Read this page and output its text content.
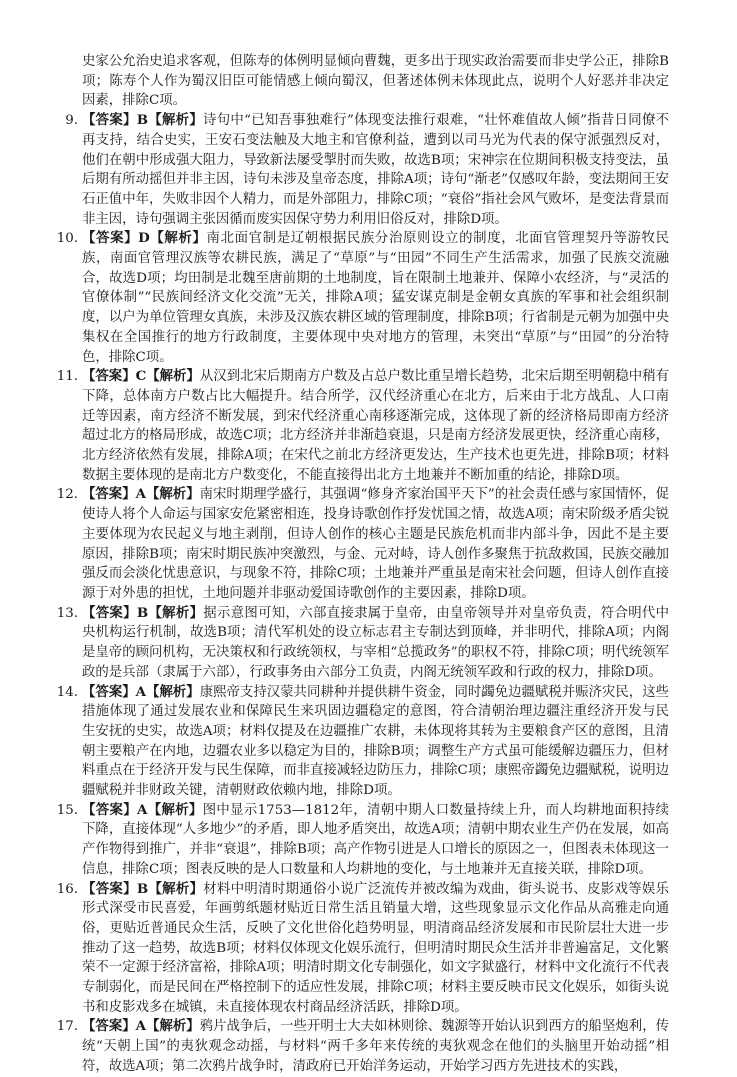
史家公允治史追求客观，但陈寿的体例明显倾向曹魏，更多出于现实政治需要而非史学公正，排除B项；陈寿个人作为蜀汉旧臣可能情感上倾向蜀汉，但著述体例未体现此点，说明个人好恶并非决定因素，排除C项。

9. 【答案】B【解析】诗句中“已知吾事独难行”体现变法推行艰难，“壮怀难值故人倾”指昔日同僚不再支持，结合史实，王安石变法触及大地主和官僚利益，遭到以司马光为代表的保守派强烈反对，他们在朝中形成强大阻力，导致新法屡受掣肘而失败，故选B项；宋神宗在位期间积极支持变法，虽后期有所动摇但并非主因，诗句未涉及皇帝态度，排除A项；诗句“渐老”仅感叹年龄，变法期间王安石正值中年，失败非因个人精力，而是外部阻力，排除C项；“衰俗”指社会风气败坏，是变法背景而非主因，诗句强调主张因循而废实因保守势力利用旧俗反对，排除D项。

10. 【答案】D【解析】南北面官制是辽朝根据民族分治原则设立的制度，北面官管理契丹等游牧民族，南面官管理汉族等农耕民族，满足了“草原”与“田园”不同生产生活需求，加强了民族交流融合，故选D项；均田制是北魏至唐前期的土地制度，旨在限制土地兼并、保障小农经济，与“灵活的官僚体制”“民族间经济文化交流”无关，排除A项；猛安谋克制是金朝女真族的军事和社会组织制度，以户为单位管理女真族，未涉及汉族农耕区域的管理制度，排除B项；行省制是元朝为加强中央集权在全国推行的地方行政制度，主要体现中央对地方的管理，未突出“草原”与“田园”的分治特色，排除C项。

11. 【答案】C【解析】从汉到北宋后期南方户数及占总户数比重呈增长趋势，北宋后期至明朝稳中稍有下降，总体南方户数占比大幅提升。结合所学，汉代经济重心在北方，后来由于北方战乱、人口南迁等因素，南方经济不断发展，到宋代经济重心南移逐渐完成，这体现了新的经济格局即南方经济超过北方的格局形成，故选C项；北方经济并非渐趋衰退，只是南方经济发展更快，经济重心南移，北方经济依然有发展，排除A项；在宋代之前北方经济更发达，生产技术也更先进，排除B项；材料数据主要体现的是南北方户数变化，不能直接得出北方土地兼并不断加重的结论，排除D项。

12. 【答案】A【解析】南宋时期理学盛行，其强调“修身齐家治国平天下”的社会责任感与家国情怀，促使诗人将个人命运与国家安危紧密相连，投身诗歌创作抒发忧国之情，故选A项；南宋阶级矛盾尖锐主要体现为农民起义与地主剥削，但诗人创作的核心主题是民族危机而非内部斗争，因此不是主要原因，排除B项；南宋时期民族冲突激烈，与金、元对峙，诗人创作多聚焦于抗敌救国，民族交融加强反而会淡化忧患意识，与现象不符，排除C项；土地兼并严重虽是南宋社会问题，但诗人创作直接源于对外患的担忧，土地问题并非驱动爱国诗歌创作的主要因素，排除D项。

13. 【答案】B【解析】据示意图可知，六部直接隶属于皇帝，由皇帝领导并对皇帝负责，符合明代中央机构运行机制，故选B项；清代军机处的设立标志君主专制达到顶峰，并非明代，排除A项；内阁是皇帝的顾问机构，无决策权和行政统领权，与宰相“总揽政务”的职权不符，排除C项；明代统领军政的是兵部（隶属于六部），行政事务由六部分工负责，内阁无统领军政和行政的权力，排除D项。

14. 【答案】A【解析】康熙帝支持汉蒙共同耕种并提供耕牛资金，同时蠲免边疆赋税并赈济灾民，这些措施体现了通过发展农业和保障民生来巩固边疆稳定的意图，符合清朝治理边疆注重经济开发与民生安抚的史实，故选A项；材料仅提及在边疆推广农耕，未体现将其转为主要粮食产区的意图，且清朝主要粮产在内地，边疆农业多以稳定为目的，排除B项；调整生产方式虽可能缓解边疆压力，但材料重点在于经济开发与民生保障，而非直接减轻边防压力，排除C项；康熙帝蠲免边疆赋税，说明边疆赋税并非财政关键，清朝财政依赖内地，排除D项。

15. 【答案】A【解析】图中显示1753—1812年，清朝中期人口数量持续上升，而人均耕地面积持续下降，直接体现“人多地少”的矛盾，即人地矛盾突出，故选A项；清朝中期农业生产仍在发展，如高产作物得到推广，并非“衰退”，排除B项；高产作物引进是人口增长的原因之一，但图表未体现这一信息，排除C项；图表反映的是人口数量和人均耕地的变化，与土地兼并无直接关联，排除D项。

16. 【答案】B【解析】材料中明清时期通俗小说广泛流传并被改编为戏曲，街头说书、皮影戏等娱乐形式深受市民喜爱，年画剪纸题材贴近日常生活且销量大增，这些现象显示文化作品从高雅走向通俗，更贴近普通民众生活，反映了文化世俗化趋势明显，明清商品经济发展和市民阶层壮大进一步推动了这一趋势，故选B项；材料仅体现文化娱乐流行，但明清时期民众生活并非普遍富足，文化繁荣不一定源于经济富裕，排除A项；明清时期文化专制强化，如文字狱盛行，材料中文化流行不代表专制弱化，而是民间在严格控制下的适应性发展，排除C项；材料主要反映市民文化娱乐，如街头说书和皮影戏多在城镇，未直接体现农村商品经济活跃，排除D项。

17. 【答案】A【解析】鸦片战争后，一些开明士大夫如林则徐、魏源等开始认识到西方的船坚炮利，传统“天朝上国”的夷狄观念动摇，与材料“两千多年来传统的夷狄观念在他们的头脑里开始动摇”相符，故选A项；第二次鸦片战争时，清政府已开始洋务运动，开始学习西方先进技术的实践，
